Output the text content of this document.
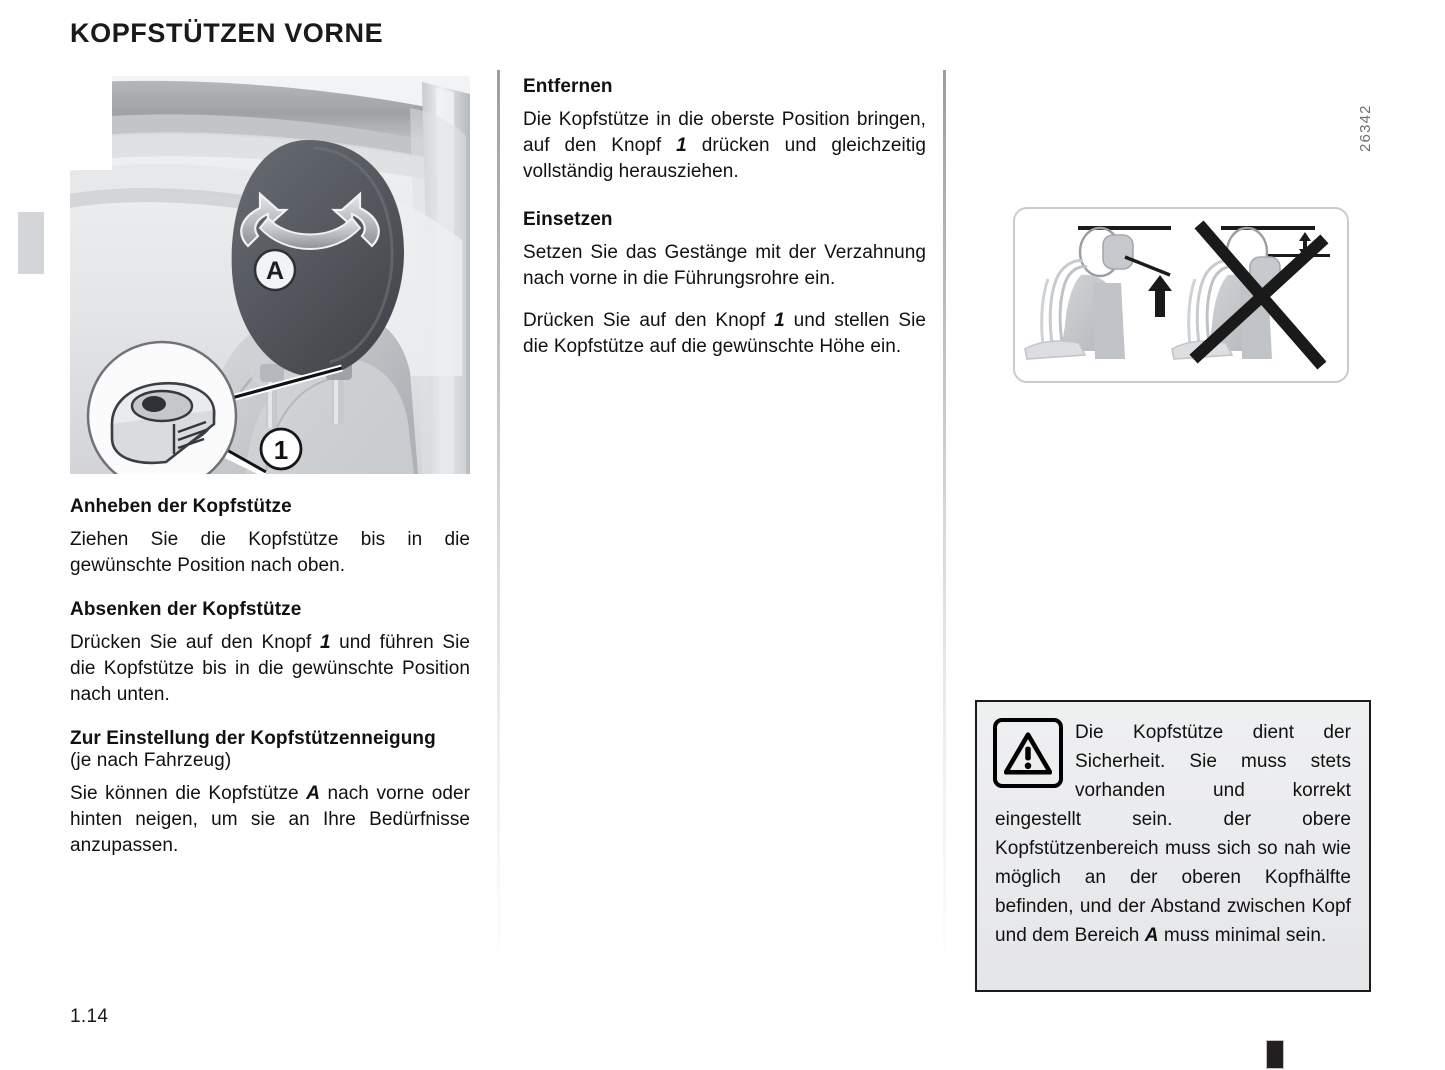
KOPFSTÜTZEN VORNE
26342
A
1
Anheben der Kopfstütze

Ziehen Sie die Kopfstütze bis in die gewünschte Position nach oben.

Absenken der Kopfstütze

Drücken Sie auf den Knopf 1 und führen Sie die Kopfstütze bis in die gewünschte Position nach unten.

Zur Einstellung der Kopfstützenneigung
(je nach Fahrzeug)

Sie können die Kopfstütze A nach vorne oder hinten neigen, um sie an Ihre Bedürfnisse anzupassen.

Entfernen

Die Kopfstütze in die oberste Position bringen, auf den Knopf 1 drücken und gleichzeitig vollständig herausziehen.

Einsetzen

Setzen Sie das Gestänge mit der Verzahnung nach vorne in die Führungsrohre ein.

Drücken Sie auf den Knopf 1 und stellen Sie die Kopfstütze auf die gewünschte Höhe ein.

Die Kopfstütze dient der Sicherheit. Sie muss stets vorhanden und korrekt eingestellt sein. der obere Kopfstützenbereich muss sich so nah wie möglich an der oberen Kopfhälfte befinden, und der Abstand zwischen Kopf und dem Bereich A muss minimal sein.
1.14
